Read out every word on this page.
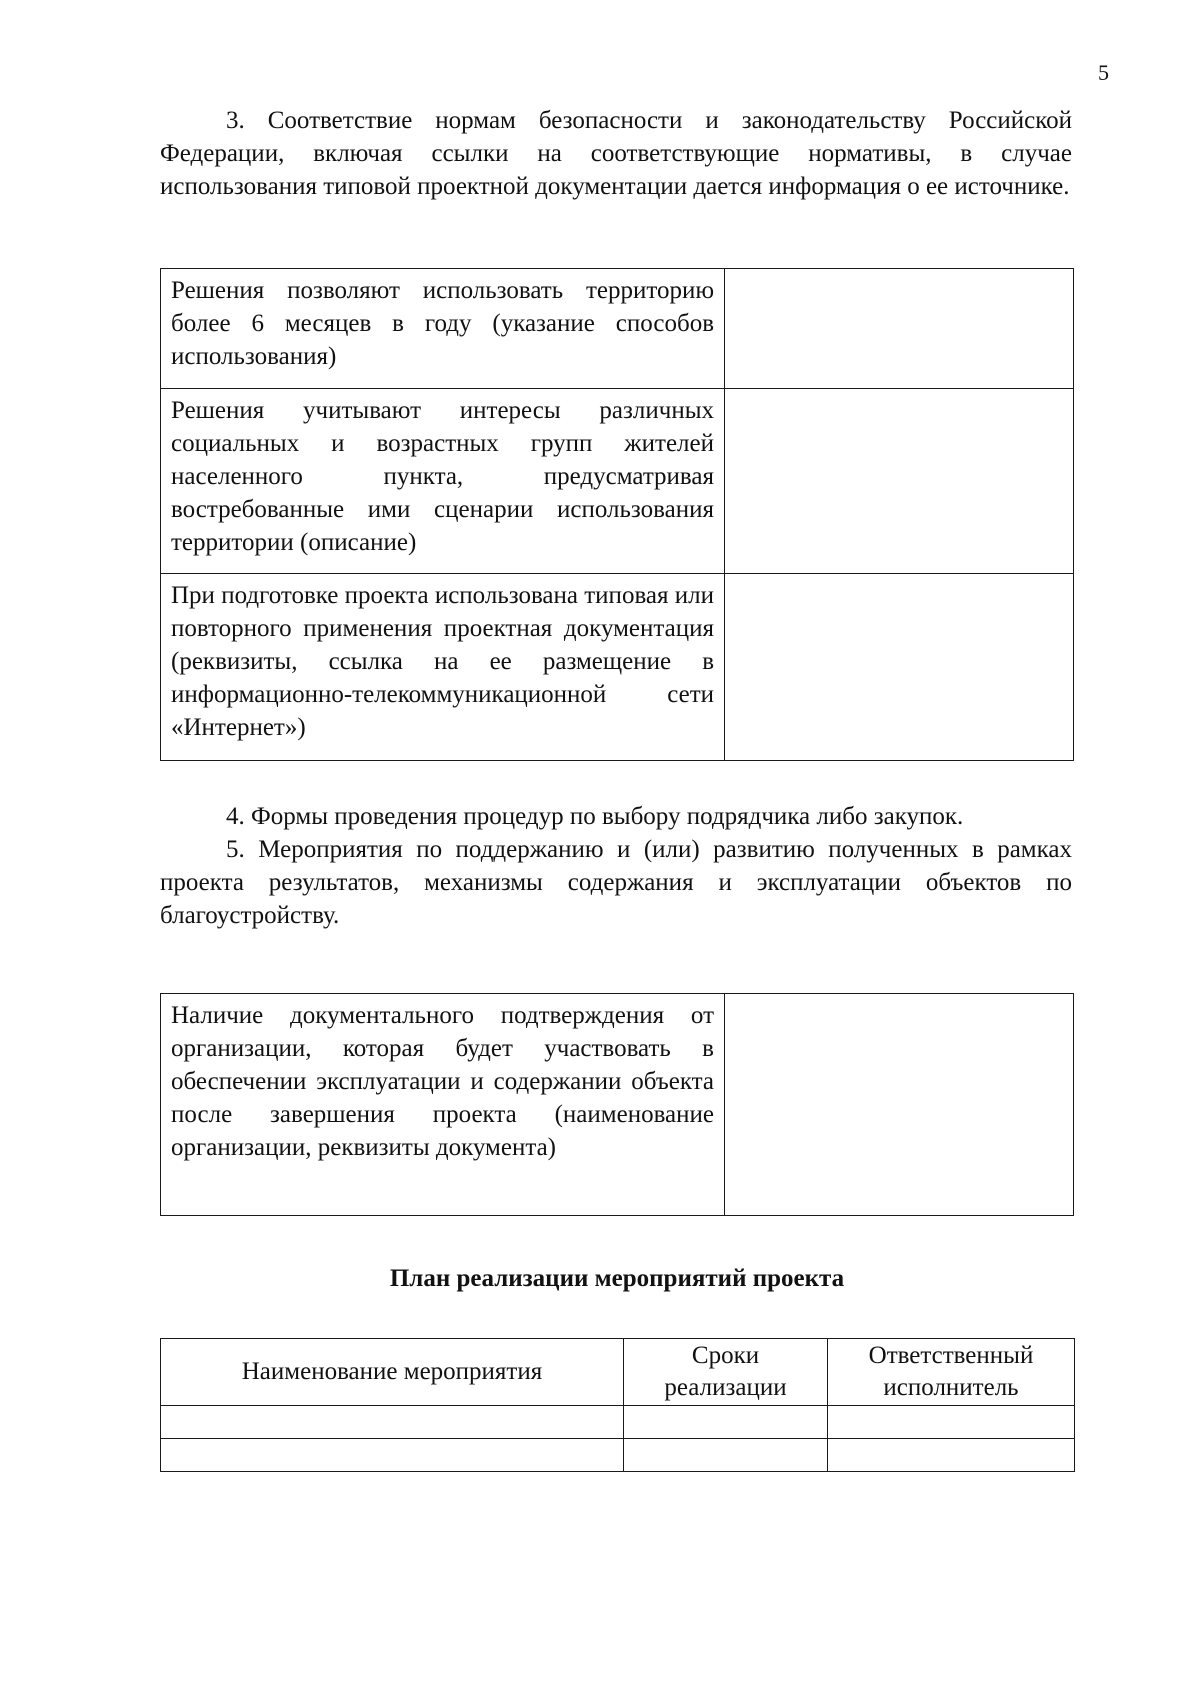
5

3. Соответствие нормам безопасности и законодательству Российской Федерации, включая ссылки на соответствующие нормативы, в случае использования типовой проектной документации дается информация о ее источнике.

Решения позволяют использовать территорию более 6 месяцев в году (указание способов использования)	
Решения учитывают интересы различных социальных и возрастных групп жителей населенного пункта, предусматривая востребованные ими сценарии использования территории (описание)	
При подготовке проекта использована типовая или повторного применения проектная документация (реквизиты, ссылка на ее размещение в информационно-телекоммуникационной сети «Интернет»)	

4. Формы проведения процедур по выбору подрядчика либо закупок.

5. Мероприятия по поддержанию и (или) развитию полученных в рамках проекта результатов, механизмы содержания и эксплуатации объектов по благоустройству.

Наличие документального подтверждения от организации, которая будет участвовать в обеспечении эксплуатации и содержании объекта после завершения проекта (наименование организации, реквизиты документа)	
План реализации мероприятий проекта
Наименование мероприятия	Сроки реализации	Ответственный исполнитель
